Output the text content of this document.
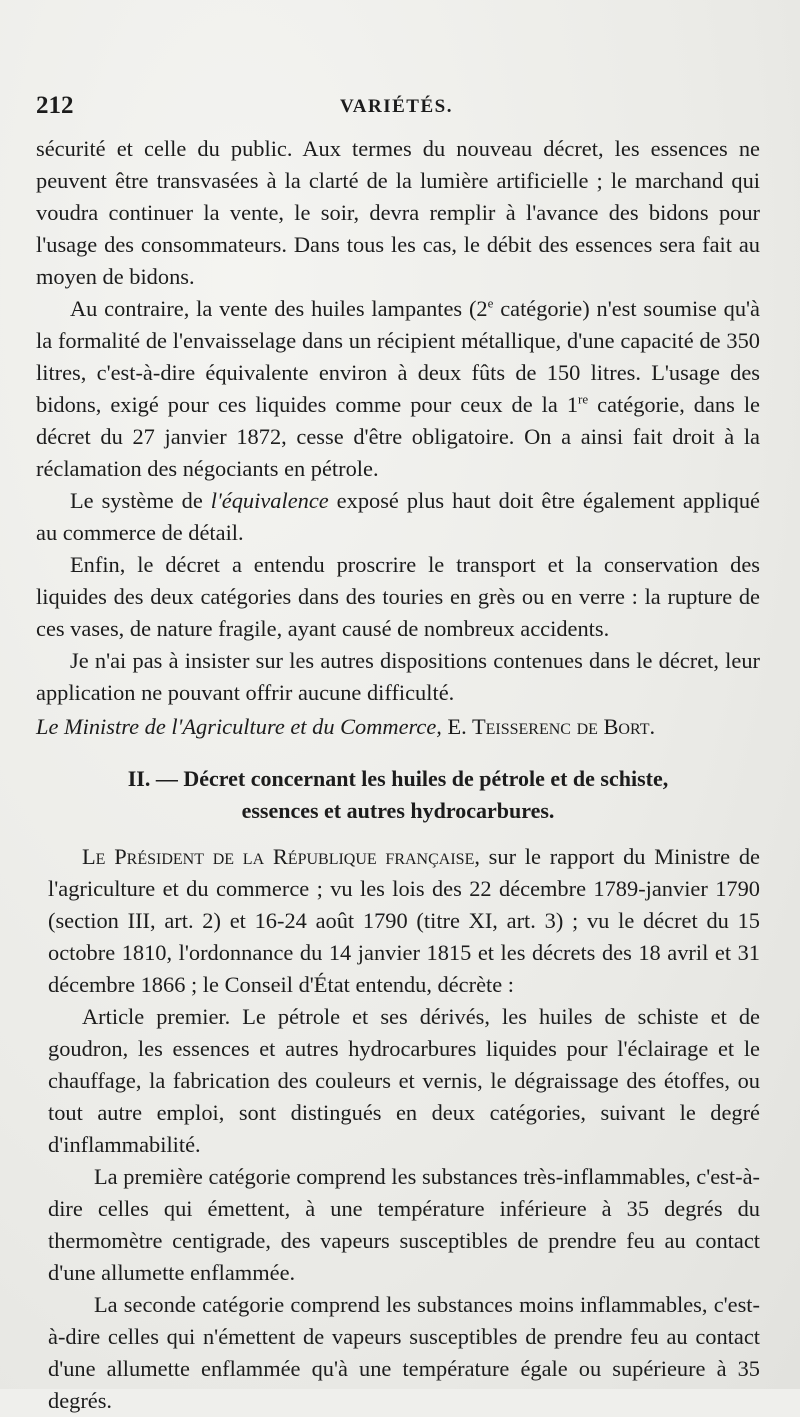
212	VARIÉTÉS.

sécurité et celle du public. Aux termes du nouveau décret, les essences ne peuvent être transvasées à la clarté de la lumière artificielle ; le marchand qui voudra continuer la vente, le soir, devra remplir à l'avance des bidons pour l'usage des consommateurs. Dans tous les cas, le débit des essences sera fait au moyen de bidons.

Au contraire, la vente des huiles lampantes (2e catégorie) n'est soumise qu'à la formalité de l'envaisselage dans un récipient métallique, d'une capacité de 350 litres, c'est-à-dire équivalente environ à deux fûts de 150 litres. L'usage des bidons, exigé pour ces liquides comme pour ceux de la 1re catégorie, dans le décret du 27 janvier 1872, cesse d'être obligatoire. On a ainsi fait droit à la réclamation des négociants en pétrole.

Le système de l'équivalence exposé plus haut doit être également appliqué au commerce de détail.

Enfin, le décret a entendu proscrire le transport et la conservation des liquides des deux catégories dans des touries en grès ou en verre : la rupture de ces vases, de nature fragile, ayant causé de nombreux accidents.

Je n'ai pas à insister sur les autres dispositions contenues dans le décret, leur application ne pouvant offrir aucune difficulté.

Le Ministre de l'Agriculture et du Commerce, E. Teisserenc de Bort.

II. — Décret concernant les huiles de pétrole et de schiste,
essences et autres hydrocarbures.

Le Président de la République française, sur le rapport du Ministre de l'agriculture et du commerce ; vu les lois des 22 décembre 1789-janvier 1790 (section III, art. 2) et 16-24 août 1790 (titre XI, art. 3) ; vu le décret du 15 octobre 1810, l'ordonnance du 14 janvier 1815 et les décrets des 18 avril et 31 décembre 1866 ; le Conseil d'État entendu, décrète :

Article premier. Le pétrole et ses dérivés, les huiles de schiste et de goudron, les essences et autres hydrocarbures liquides pour l'éclairage et le chauffage, la fabrication des couleurs et vernis, le dégraissage des étoffes, ou tout autre emploi, sont distingués en deux catégories, suivant le degré d'inflammabilité.

La première catégorie comprend les substances très-inflammables, c'est-à-dire celles qui émettent, à une température inférieure à 35 degrés du thermomètre centigrade, des vapeurs susceptibles de prendre feu au contact d'une allumette enflammée.

La seconde catégorie comprend les substances moins inflammables, c'est-à-dire celles qui n'émettent de vapeurs susceptibles de prendre feu au contact d'une allumette enflammée qu'à une température égale ou supérieure à 35 degrés.
